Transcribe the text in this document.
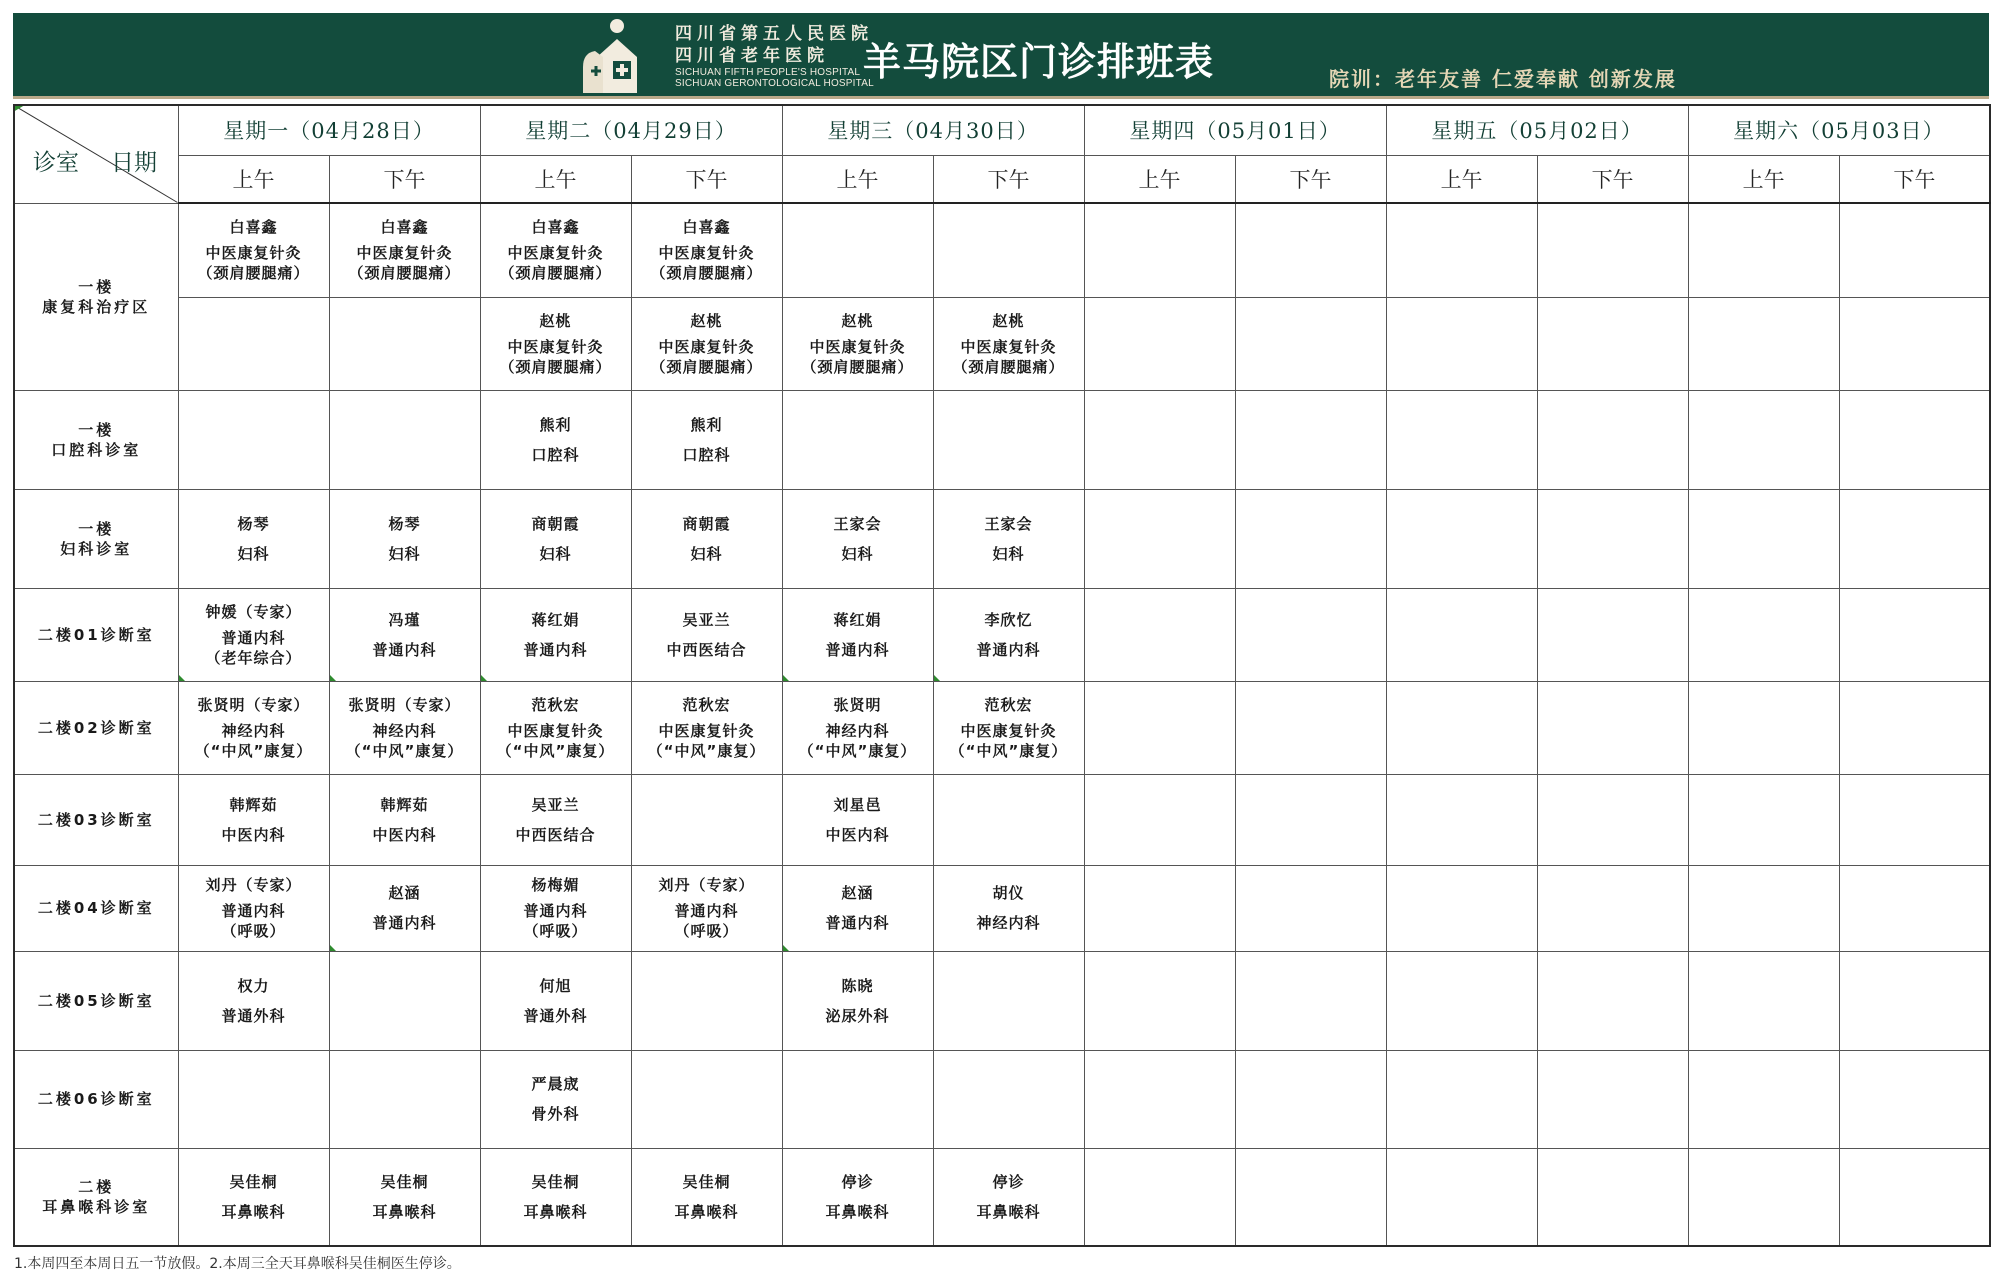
四川省第五人民医院
四川省老年医院
SICHUAN FIFTH PEOPLE'S HOSPITAL
SICHUAN GERONTOLOGICAL HOSPITAL
羊马院区门诊排班表	院训：老年友善 仁爱奉献 创新发展
诊室 日期	星期一（04月28日）		星期二（04月29日）		星期三（04月30日）		星期四（05月01日）		星期五（05月02日）		星期六（05月03日）	
	上午	下午	上午	下午	上午	下午	上午	下午	上午	下午	上午	下午

一楼
康复科治疗区	白喜鑫
中医康复针灸
（颈肩腰腿痛）	白喜鑫
中医康复针灸
（颈肩腰腿痛）	白喜鑫
中医康复针灸
（颈肩腰腿痛）	白喜鑫
中医康复针灸
（颈肩腰腿痛）								

			赵桃
中医康复针灸
（颈肩腰腿痛）	赵桃
中医康复针灸
（颈肩腰腿痛）	赵桃
中医康复针灸
（颈肩腰腿痛）	赵桃
中医康复针灸
（颈肩腰腿痛）						

一楼
口腔科诊室			熊利
口腔科	熊利
口腔科								

一楼
妇科诊室	杨琴
妇科	杨琴
妇科	商朝霞
妇科	商朝霞
妇科	王家会
妇科	王家会
妇科						

二楼01诊断室	钟媛（专家）
普通内科
（老年综合）	冯瑾
普通内科	蒋红娟
普通内科	吴亚兰
中西医结合	蒋红娟
普通内科	李欣忆
普通内科						

二楼02诊断室	张贤明（专家）
神经内科
（“中风”康复）	张贤明（专家）
神经内科
（“中风”康复）	范秋宏
中医康复针灸
（“中风”康复）	范秋宏
中医康复针灸
（“中风”康复）	张贤明
神经内科
（“中风”康复）	范秋宏
中医康复针灸
（“中风”康复）						

二楼03诊断室	韩辉茹
中医内科	韩辉茹
中医内科	吴亚兰
中西医结合		刘星邑
中医内科							

二楼04诊断室	刘丹（专家）
普通内科
（呼吸）	赵涵
普通内科	杨梅媚
普通内科
（呼吸）	刘丹（专家）
普通内科
（呼吸）	赵涵
普通内科	胡仪
神经内科						

二楼05诊断室	权力
普通外科		何旭
普通外科		陈晓
泌尿外科							

二楼06诊断室			严晨宬
骨外科									

二楼
耳鼻喉科诊室	吴佳桐
耳鼻喉科	吴佳桐
耳鼻喉科	吴佳桐
耳鼻喉科	吴佳桐
耳鼻喉科	停诊
耳鼻喉科	停诊
耳鼻喉科						

1.本周四至本周日五一节放假。2.本周三全天耳鼻喉科吴佳桐医生停诊。
